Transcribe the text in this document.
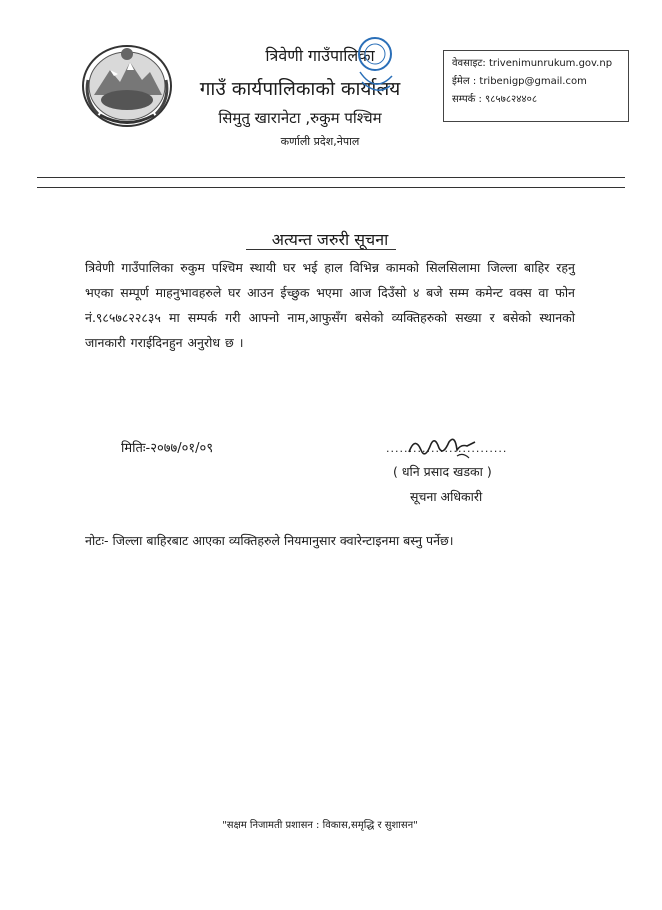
त्रिवेणी गाउँपालिका
गाउँ कार्यपालिकाको कार्यालय
सिमुतु खारानेटा ,रुकुम पश्चिम
कर्णाली प्रदेश,नेपाल
वेवसाइट: trivenimunrukum.gov.np
ईमेल : tribenigp@gmail.com
सम्पर्क : ९८५७८२४४०८
अत्यन्त जरुरी सूचना
त्रिवेणी गाउँपालिका रुकुम पश्चिम स्थायी घर भई हाल विभिन्न कामको सिलसिलामा जिल्ला बाहिर रहनु भएका सम्पूर्ण माहनुभावहरुले घर आउन ईच्छुक भएमा आज दिउँसो ४ बजे सम्म कमेन्ट वक्स वा फोन नं.९८५७८२२८३५ मा सम्पर्क गरी आफ्नो नाम,आफुसँग बसेको व्यक्तिहरुको सख्या र बसेको स्थानको जानकारी गराईदिनहुन अनुरोध छ ।
मितिः-२०७७/०१/०९	...........................
( धनि प्रसाद खडका )
सूचना अधिकारी
नोटः- जिल्ला बाहिरबाट आएका व्यक्तिहरुले नियमानुसार क्वारेन्टाइनमा बस्नु पर्नेछ।
"सक्षम निजामती प्रशासन : विकास,समृद्धि र सुशासन"
